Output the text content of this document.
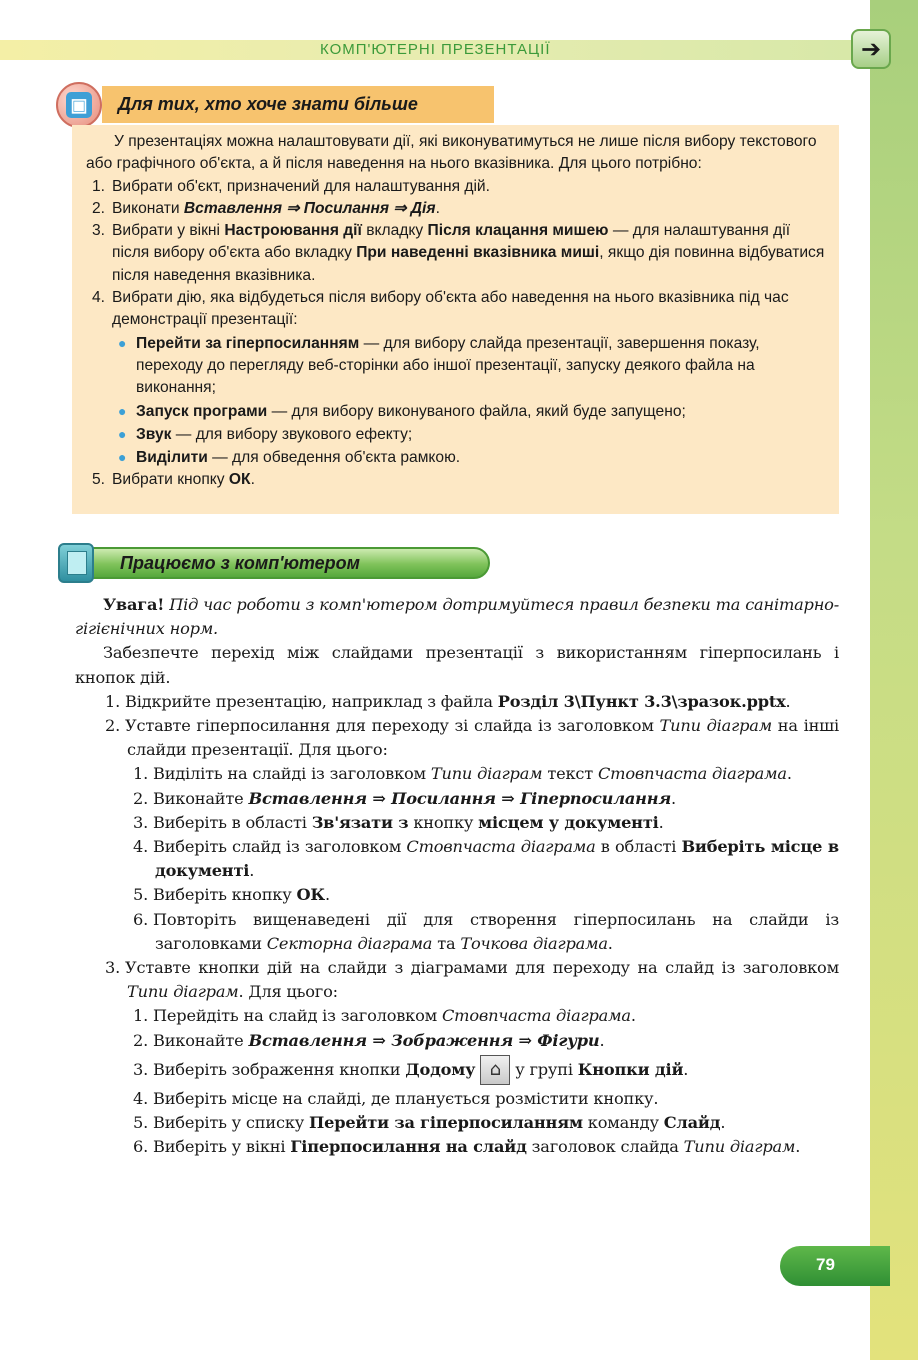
КОМП'ЮТЕРНІ ПРЕЗЕНТАЦІЇ	➔
▣ Для тих, хто хоче знати більше

У презентаціях можна налаштовувати дії, які виконуватимуться не лише після вибору текстового або графічного об'єкта, а й після наведення на нього вказівника. Для цього потрібно:

1. Вибрати об'єкт, призначений для налаштування дій.

2. Виконати Вставлення ⇒ Посилання ⇒ Дія.

3. Вибрати у вікні Настроювання дії вкладку Після клацання мишею — для налаштування дії після вибору об'єкта або вкладку При наведенні вказівника миші, якщо дія повинна відбуватися після наведення вказівника.

4. Вибрати дію, яка відбудеться після вибору об'єкта або наведення на нього вказівника під час демонстрації презентації:

● Перейти за гіперпосиланням — для вибору слайда презентації, завершення показу, переходу до перегляду веб-сторінки або іншої презентації, запуску деякого файла на виконання;

● Запуск програми — для вибору виконуваного файла, який буде запущено;

● Звук — для вибору звукового ефекту;

● Виділити — для обведення об'єкта рамкою.

5. Вибрати кнопку ОК.

Працюємо з комп'ютером

Увага! Під час роботи з комп'ютером дотримуйтеся правил безпеки та санітарно-гігієнічних норм.

Забезпечте перехід між слайдами презентації з використанням гіперпосилань і кнопок дій.

1. Відкрийте презентацію, наприклад з файла Розділ 3\Пункт 3.3\зразок.pptx.

2. Уставте гіперпосилання для переходу зі слайда із заголовком Типи діаграм на інші слайди презентації. Для цього:

1. Виділіть на слайді із заголовком Типи діаграм текст Стовпчаста діаграма.

2. Виконайте Вставлення ⇒ Посилання ⇒ Гіперпосилання.

3. Виберіть в області Зв'язати з кнопку місцем у документі.

4. Виберіть слайд із заголовком Стовпчаста діаграма в області Виберіть місце в документі.

5. Виберіть кнопку ОК.

6. Повторіть вищенаведені дії для створення гіперпосилань на слайди із заголовками Секторна діаграма та Точкова діаграма.

3. Уставте кнопки дій на слайди з діаграмами для переходу на слайд із заголовком Типи діаграм. Для цього:

1. Перейдіть на слайд із заголовком Стовпчаста діаграма.

2. Виконайте Вставлення ⇒ Зображення ⇒ Фігури.

3. Виберіть зображення кнопки Додому ⌂ у групі Кнопки дій.

4. Виберіть місце на слайді, де планується розмістити кнопку.

5. Виберіть у списку Перейти за гіперпосиланням команду Слайд.

6. Виберіть у вікні Гіперпосилання на слайд заголовок слайда Типи діаграм.

79
